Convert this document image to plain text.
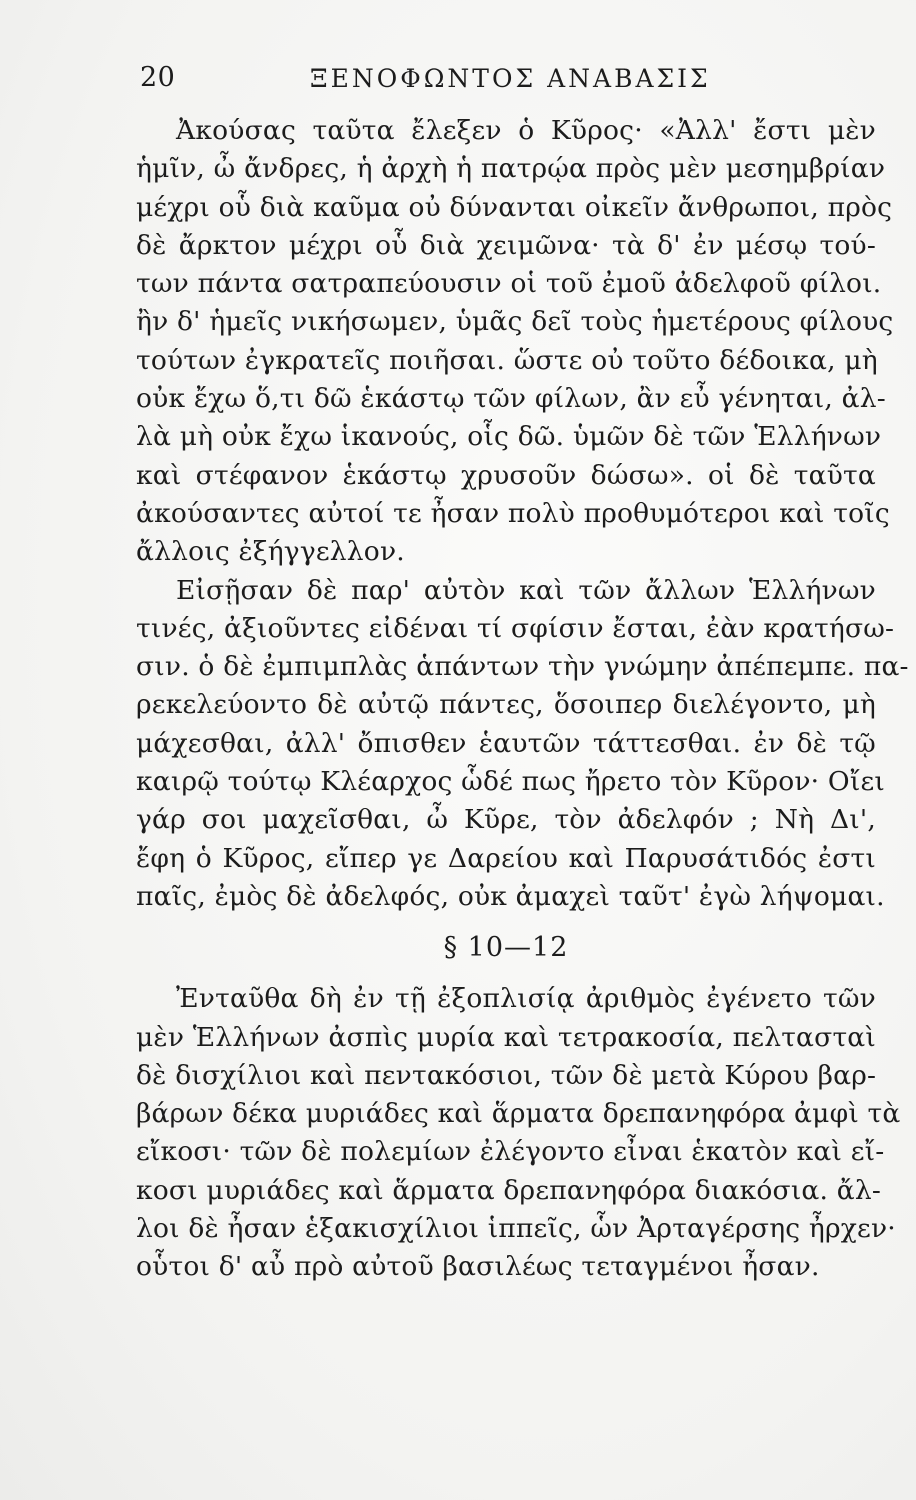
20	ΞΕΝΟΦΩΝΤΟΣ ΑΝΑΒΑΣΙΣ
Ἀκούσας ταῦτα ἔλεξεν ὁ Κῦρος· «Ἀλλ' ἔστι μὲν
ἡμῖν, ὦ ἄνδρες, ἡ ἀρχὴ ἡ πατρῴα πρὸς μὲν μεσημβρίαν
μέχρι οὗ διὰ καῦμα οὐ δύνανται οἰκεῖν ἄνθρωποι, πρὸς
δὲ ἄρκτον μέχρι οὗ διὰ χειμῶνα· τὰ δ' ἐν μέσῳ τού-
των πάντα σατραπεύουσιν οἱ τοῦ ἐμοῦ ἀδελφοῦ φίλοι.
ἢν δ' ἡμεῖς νικήσωμεν, ὑμᾶς δεῖ τοὺς ἡμετέρους φίλους
τούτων ἐγκρατεῖς ποιῆσαι. ὥστε οὐ τοῦτο δέδοικα, μὴ
οὐκ ἔχω ὅ,τι δῶ ἑκάστῳ τῶν φίλων, ἂν εὖ γένηται, ἀλ-
λὰ μὴ οὐκ ἔχω ἱκανούς, οἷς δῶ. ὑμῶν δὲ τῶν Ἑλλήνων
καὶ στέφανον ἑκάστῳ χρυσοῦν δώσω». οἱ δὲ ταῦτα
ἀκούσαντες αὐτοί τε ἦσαν πολὺ προθυμότεροι καὶ τοῖς
ἄλλοις ἐξήγγελλον.
Εἰσῇσαν δὲ παρ' αὐτὸν καὶ τῶν ἄλλων Ἑλλήνων
τινές, ἀξιοῦντες εἰδέναι τί σφίσιν ἔσται, ἐὰν κρατήσω-
σιν. ὁ δὲ ἐμπιμπλὰς ἁπάντων τὴν γνώμην ἀπέπεμπε. πα-
ρεκελεύοντο δὲ αὐτῷ πάντες, ὅσοιπερ διελέγοντο, μὴ
μάχεσθαι, ἀλλ' ὄπισθεν ἑαυτῶν τάττεσθαι. ἐν δὲ τῷ
καιρῷ τούτῳ Κλέαρχος ὧδέ πως ἤρετο τὸν Κῦρον· Οἴει
γάρ σοι μαχεῖσθαι, ὦ Κῦρε, τὸν ἀδελφόν ; Νὴ Δι',
ἔφη ὁ Κῦρος, εἴπερ γε Δαρείου καὶ Παρυσάτιδός ἐστι
παῖς, ἐμὸς δὲ ἀδελφός, οὐκ ἀμαχεὶ ταῦτ' ἐγὼ λήψομαι.
§ 10—12
Ἐνταῦθα δὴ ἐν τῇ ἐξοπλισίᾳ ἀριθμὸς ἐγένετο τῶν
μὲν Ἑλλήνων ἀσπὶς μυρία καὶ τετρακοσία, πελτασταὶ
δὲ δισχίλιοι καὶ πεντακόσιοι, τῶν δὲ μετὰ Κύρου βαρ-
βάρων δέκα μυριάδες καὶ ἅρματα δρεπανηφόρα ἀμφὶ τὰ
εἴκοσι· τῶν δὲ πολεμίων ἐλέγοντο εἶναι ἑκατὸν καὶ εἴ-
κοσι μυριάδες καὶ ἅρματα δρεπανηφόρα διακόσια. ἄλ-
λοι δὲ ἦσαν ἑξακισχίλιοι ἱππεῖς, ὧν Ἀρταγέρσης ἦρχεν·
οὗτοι δ' αὖ πρὸ αὐτοῦ βασιλέως τεταγμένοι ἦσαν.
